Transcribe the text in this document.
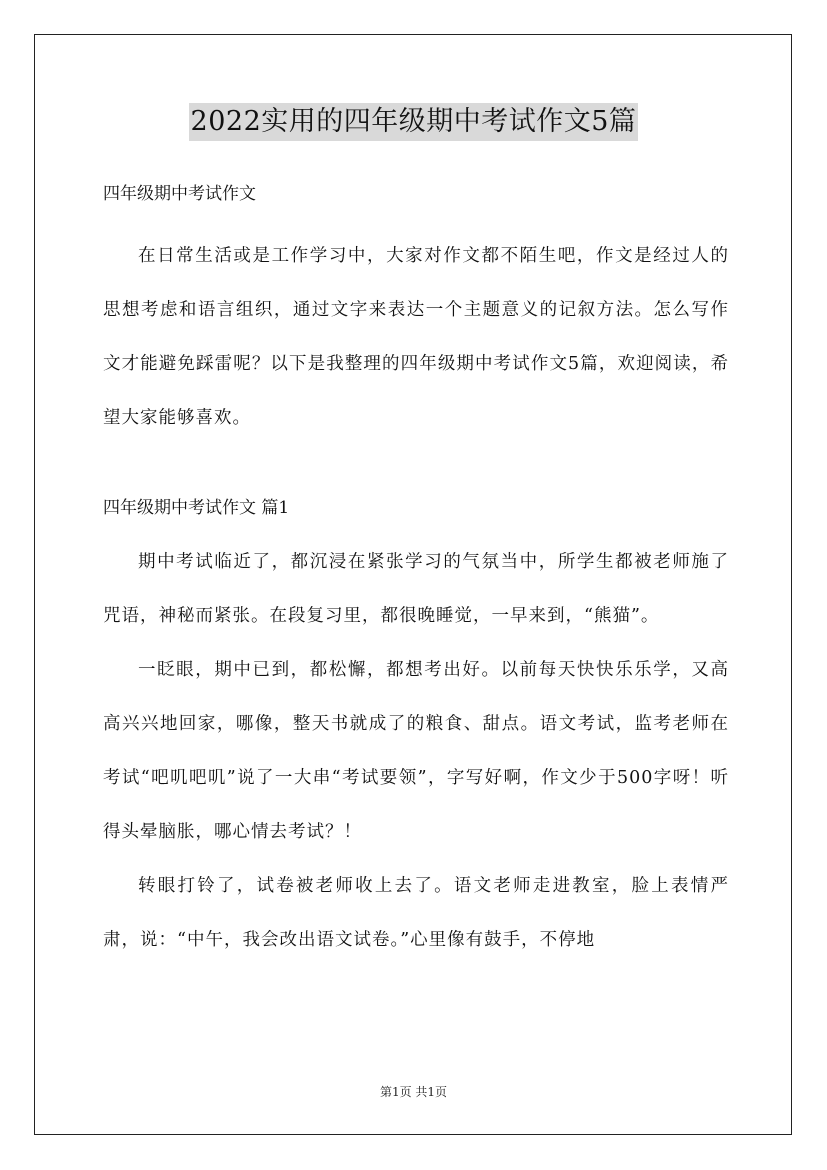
2022实用的四年级期中考试作文5篇

四年级期中考试作文

在日常生活或是工作学习中，大家对作文都不陌生吧，作文是经过人的思想考虑和语言组织，通过文字来表达一个主题意义的记叙方法。怎么写作文才能避免踩雷呢？以下是我整理的四年级期中考试作文5篇，欢迎阅读，希望大家能够喜欢。

四年级期中考试作文 篇1

期中考试临近了，都沉浸在紧张学习的气氛当中，所学生都被老师施了咒语，神秘而紧张。在段复习里，都很晚睡觉，一早来到，“熊猫”。

一眨眼，期中已到，都松懈，都想考出好。以前每天快快乐乐学，又高高兴兴地回家，哪像，整天书就成了的粮食、甜点。语文考试，监考老师在考试“吧叽吧叽”说了一大串“考试要领”，字写好啊，作文少于500字呀！听得头晕脑胀，哪心情去考试？！

转眼打铃了，试卷被老师收上去了。语文老师走进教室，脸上表情严肃，说：“中午，我会改出语文试卷。”心里像有鼓手，不停地

第1页 共1页
